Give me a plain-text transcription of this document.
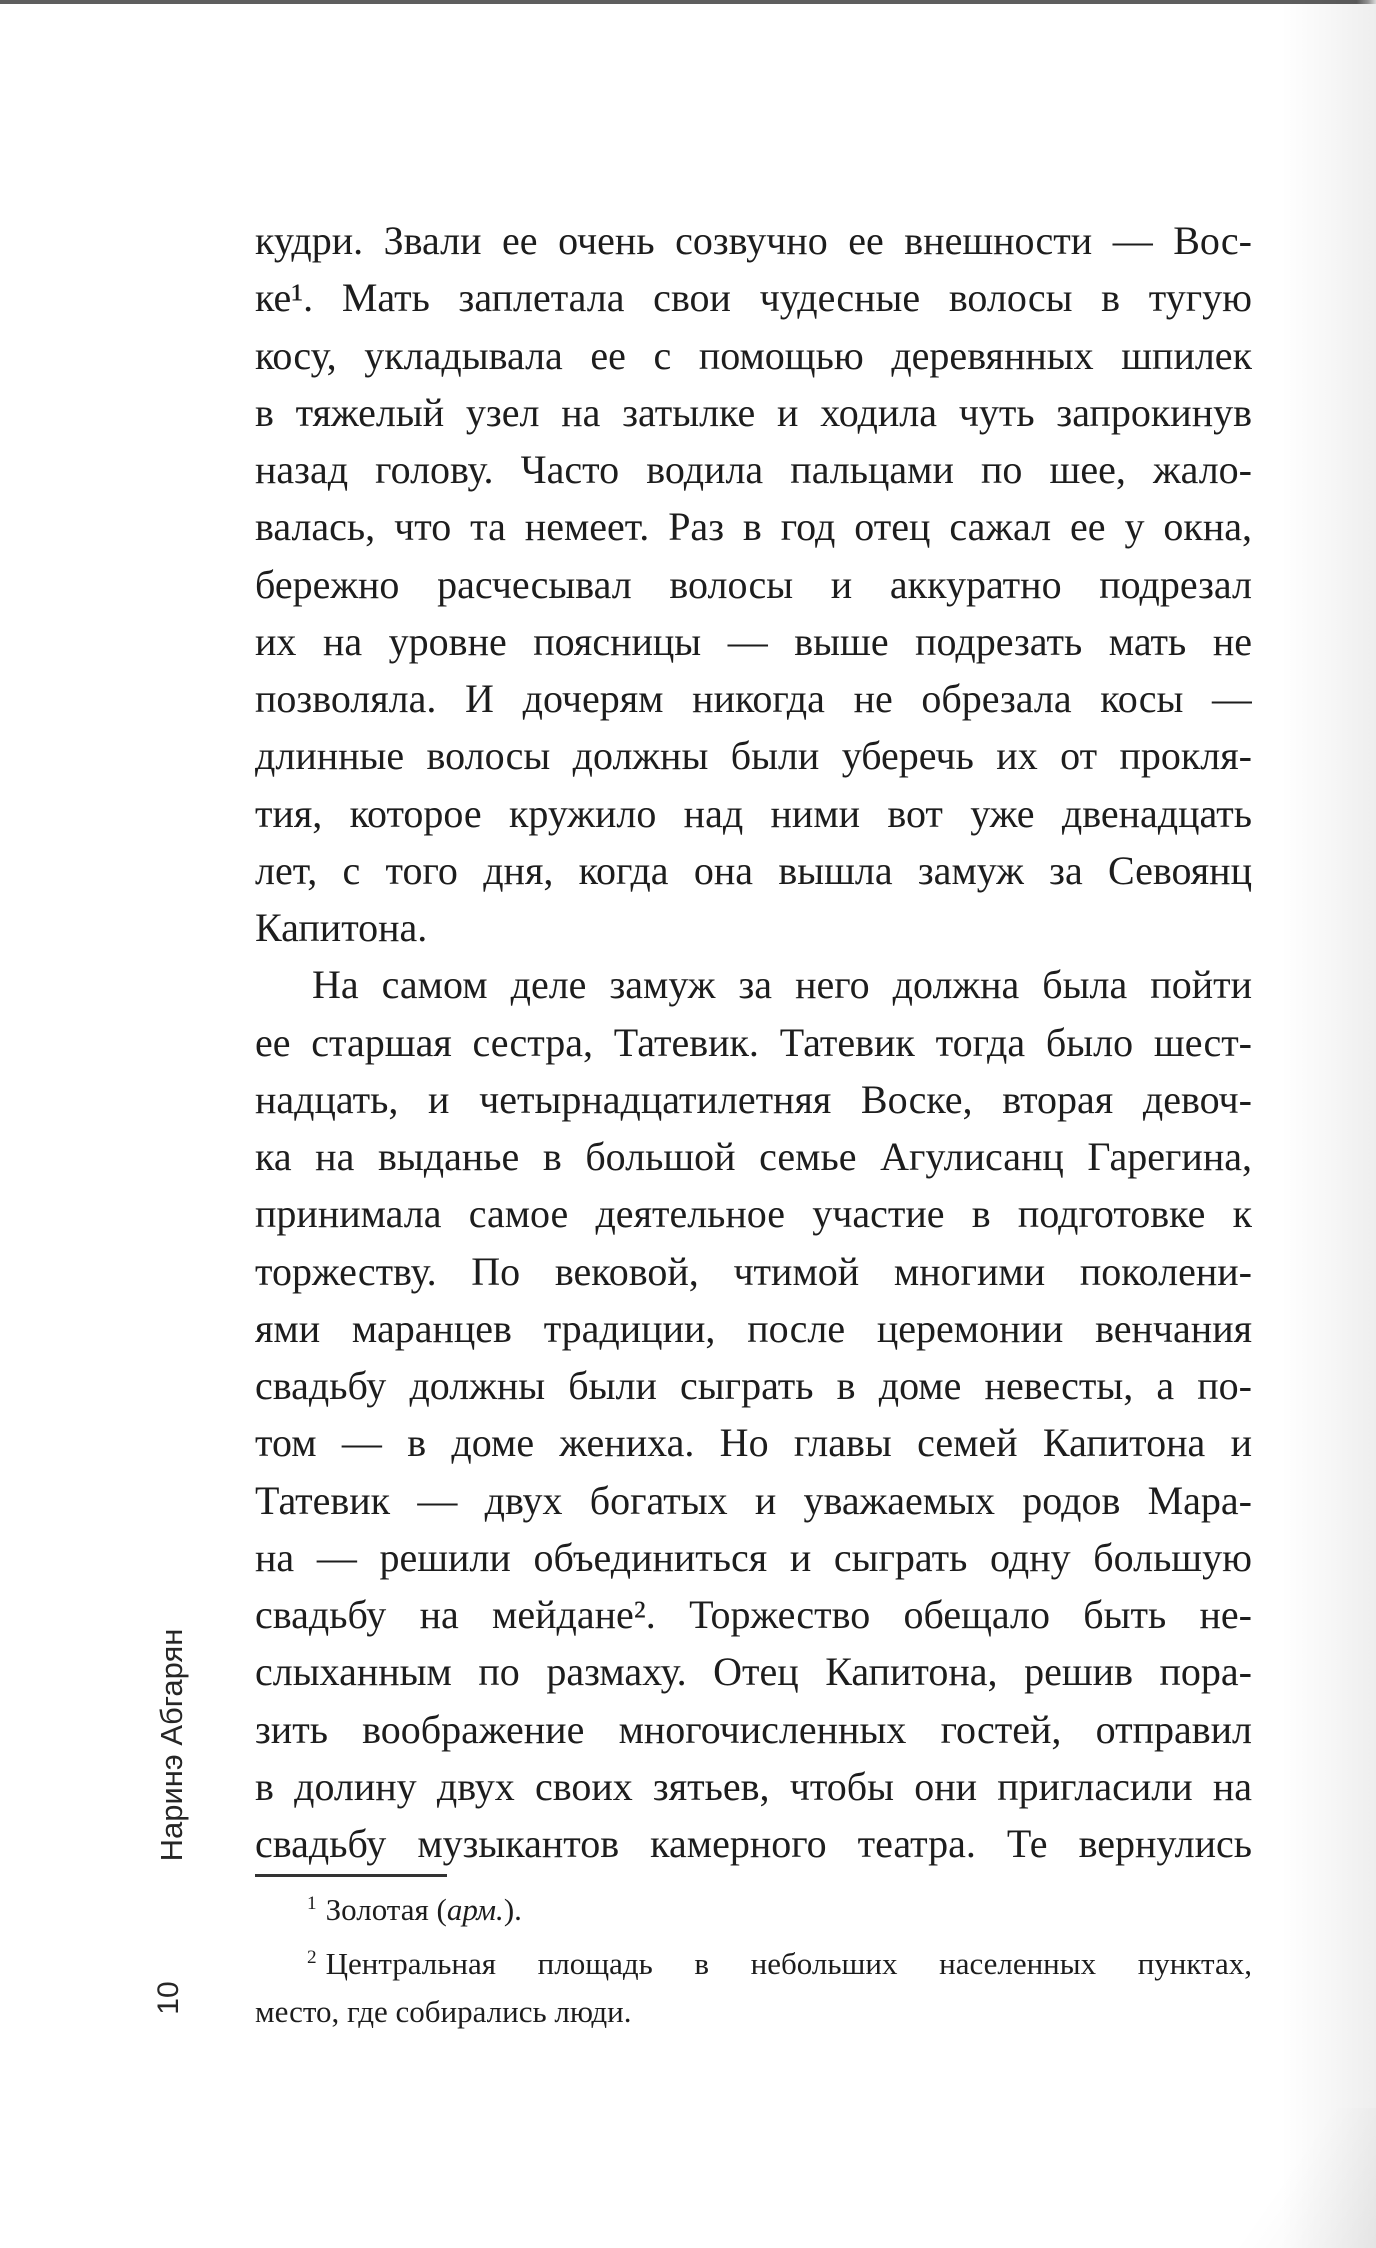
кудри. Звали ее очень созвучно ее внешности — Вос-
ке¹. Мать заплетала свои чудесные волосы в тугую
косу, укладывала ее с помощью деревянных шпилек
в тяжелый узел на затылке и ходила чуть запрокинув
назад голову. Часто водила пальцами по шее, жало-
валась, что та немеет. Раз в год отец сажал ее у окна,
бережно расчесывал волосы и аккуратно подрезал
их на уровне поясницы — выше подрезать мать не
позволяла. И дочерям никогда не обрезала косы —
длинные волосы должны были уберечь их от прокля-
тия, которое кружило над ними вот уже двенадцать
лет, с того дня, когда она вышла замуж за Севоянц
Капитона.
На самом деле замуж за него должна была пойти
ее старшая сестра, Татевик. Татевик тогда было шест-
надцать, и четырнадцатилетняя Воске, вторая девоч-
ка на выданье в большой семье Агулисанц Гарегина,
принимала самое деятельное участие в подготовке к
торжеству. По вековой, чтимой многими поколени-
ями маранцев традиции, после церемонии венчания
свадьбу должны были сыграть в доме невесты, а по-
том — в доме жениха. Но главы семей Капитона и
Татевик — двух богатых и уважаемых родов Мара-
на — решили объединиться и сыграть одну большую
свадьбу на мейдане². Торжество обещало быть не-
слыханным по размаху. Отец Капитона, решив пора-
зить воображение многочисленных гостей, отправил
в долину двух своих зятьев, чтобы они пригласили на
свадьбу музыкантов камерного театра. Те вернулись
$^1$ Золотая (арм.).
$^2$ Центральная площадь в небольших населенных пунктах,
место, где собирались люди.
Наринэ Абгарян
10
